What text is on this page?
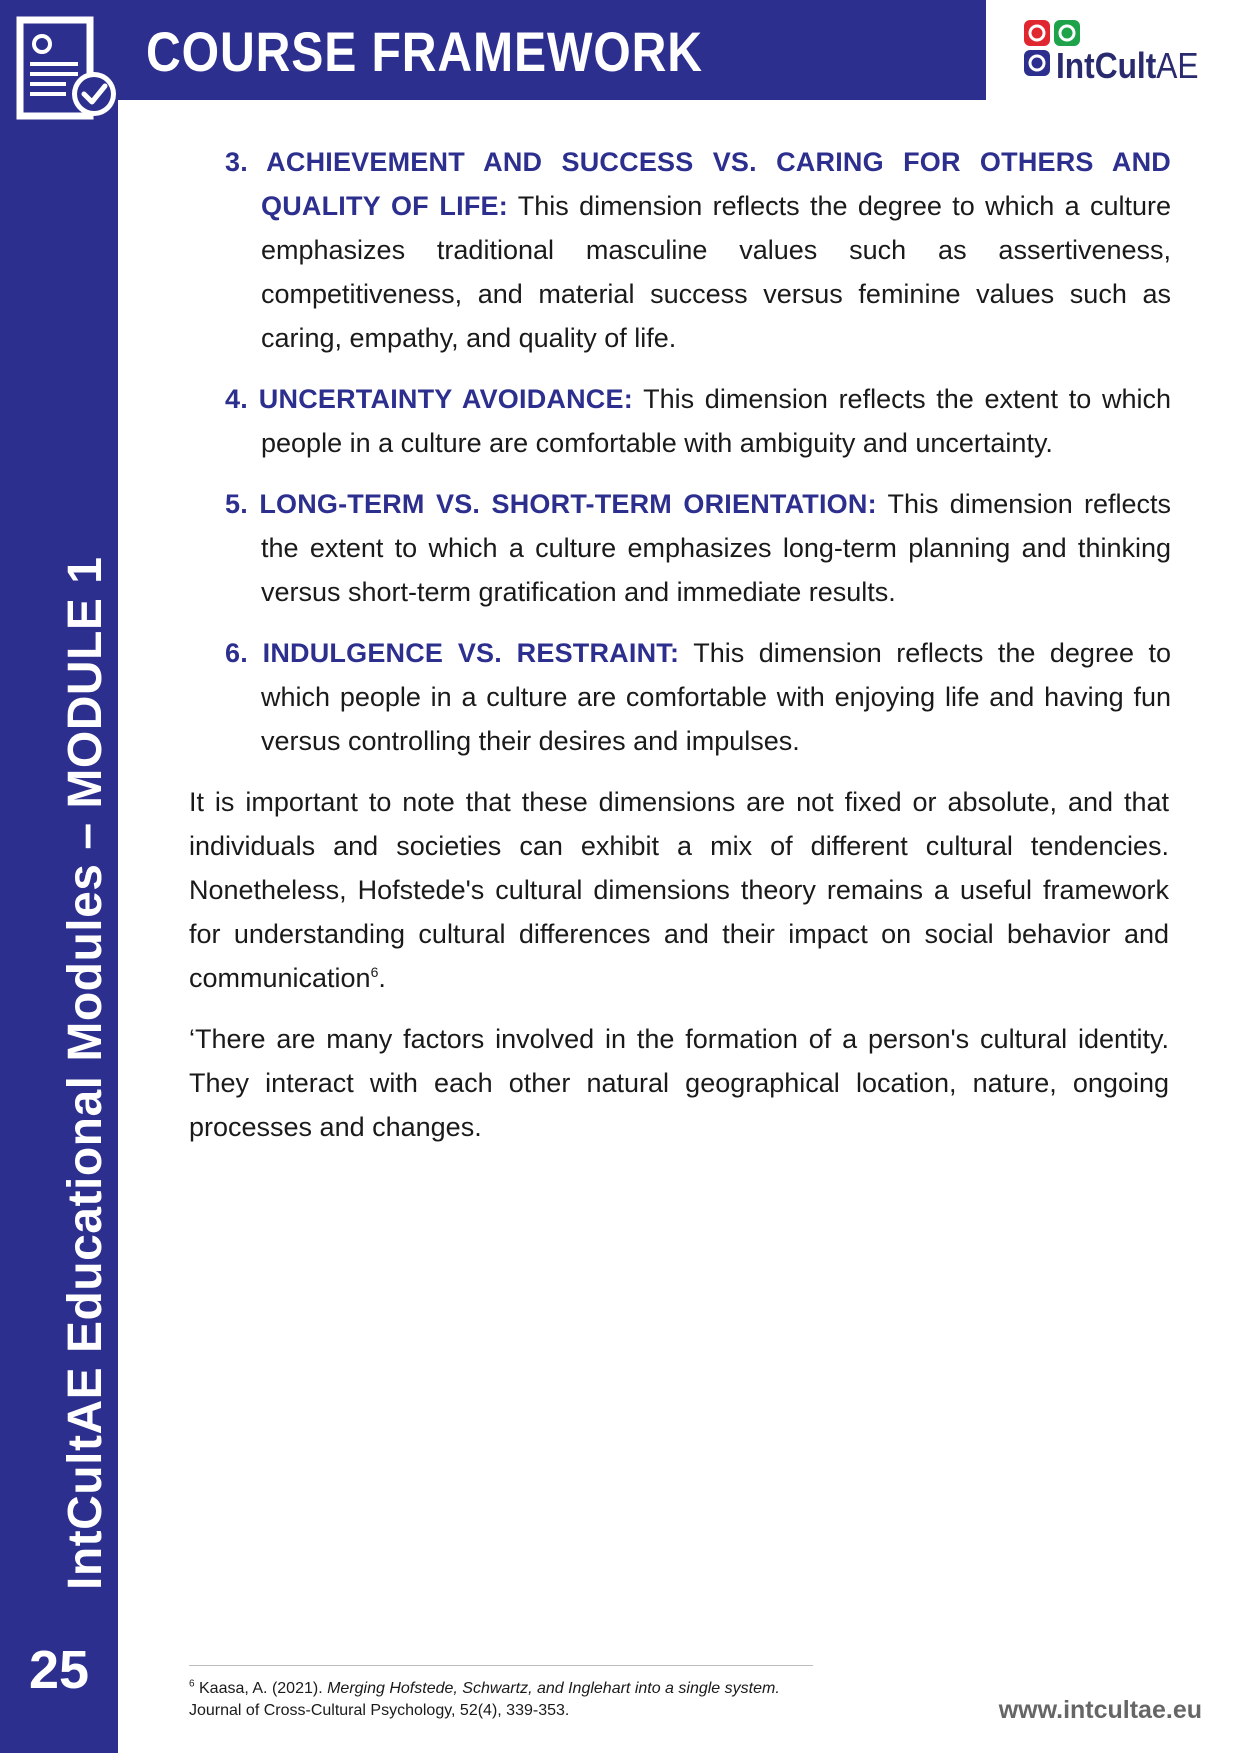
COURSE FRAMEWORK	IntCultAE
IntCultAE Educational Modules – MODULE 1
25
3. ACHIEVEMENT AND SUCCESS VS. CARING FOR OTHERS AND QUALITY OF LIFE: This dimension reflects the degree to which a culture emphasizes traditional masculine values such as assertiveness, competitiveness, and material success versus feminine values such as caring, empathy, and quality of life.
4. UNCERTAINTY AVOIDANCE: This dimension reflects the extent to which people in a culture are comfortable with ambiguity and uncertainty.
5. LONG-TERM VS. SHORT-TERM ORIENTATION: This dimension reflects the extent to which a culture emphasizes long-term planning and thinking versus short-term gratification and immediate results.
6. INDULGENCE VS. RESTRAINT: This dimension reflects the degree to which people in a culture are comfortable with enjoying life and having fun versus controlling their desires and impulses.

It is important to note that these dimensions are not fixed or absolute, and that individuals and societies can exhibit a mix of different cultural tendencies. Nonetheless, Hofstede's cultural dimensions theory remains a useful framework for understanding cultural differences and their impact on social behavior and communication$^6$.

‘There are many factors involved in the formation of a person's cultural identity. They interact with each other natural geographical location, nature, ongoing processes and changes.

$^6$ Kaasa, A. (2021). Merging Hofstede, Schwartz, and Inglehart into a single system.
Journal of Cross-Cultural Psychology, 52(4), 339-353.	www.intcultae.eu
